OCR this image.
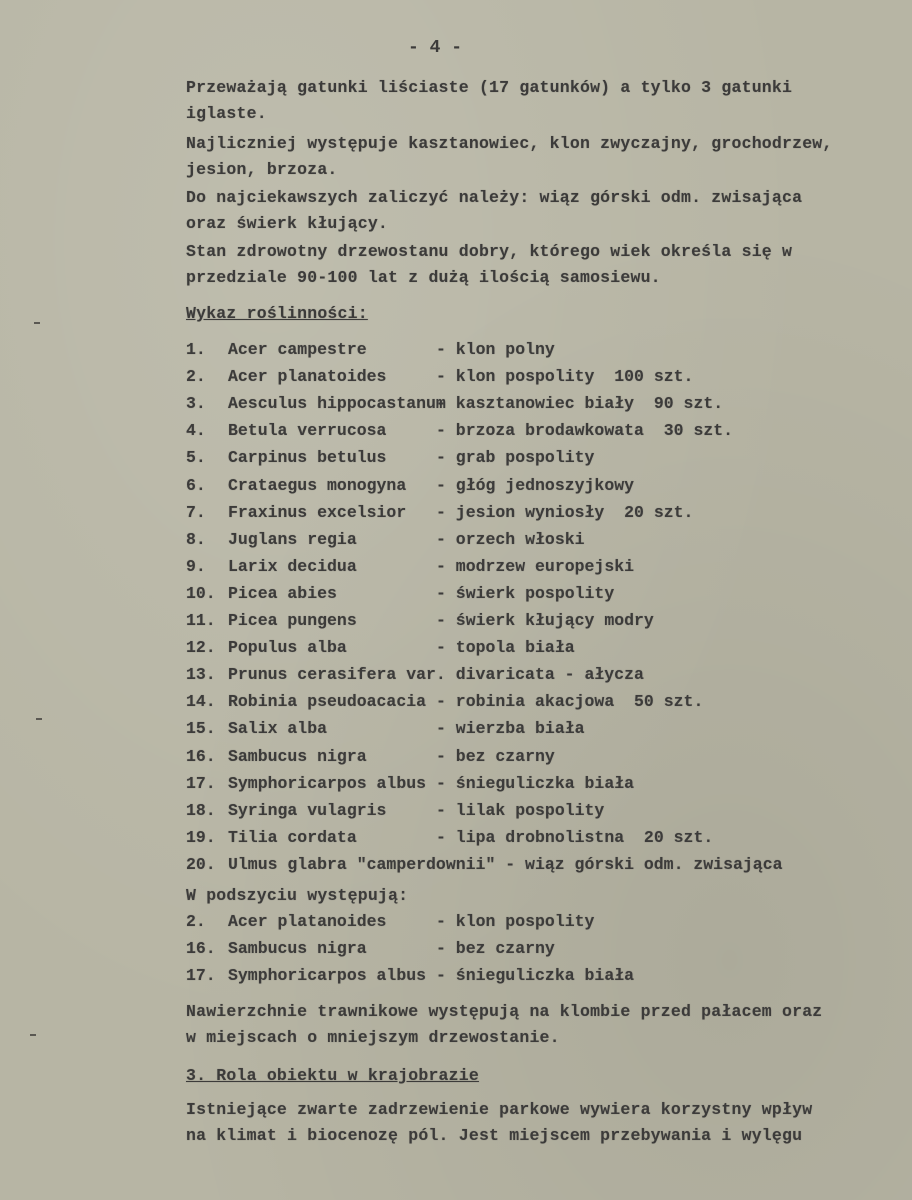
- 4 -
Przeważają gatunki liściaste (17 gatunków) a tylko 3 gatunki
iglaste.
Najliczniej występuje kasztanowiec, klon zwyczajny, grochodrzew,
jesion, brzoza.
Do najciekawszych zaliczyć należy: wiąz górski odm. zwisająca
oraz świerk kłujący.
Stan zdrowotny drzewostanu dobry, którego wiek określa się w
przedziale 90-100 lat z dużą ilością samosiewu.
Wykaz roślinności:
1. Acer campestre	- klon polny
2. Acer planatoides	- klon pospolity  100 szt.
3. Aesculus hippocastanum- kasztanowiec biały  90 szt.
4. Betula verrucosa	- brzoza brodawkowata  30 szt.
5. Carpinus betulus	- grab pospolity
6. Crataegus monogyna - głóg jednoszyjkowy
7. Fraxinus excelsior - jesion wyniosły  20 szt.
8. Juglans regia	- orzech włoski
9. Larix decidua	- modrzew europejski
10. Picea abies	- świerk pospolity
11. Picea pungens	- świerk kłujący modry
12. Populus alba	- topola biała
13. Prunus cerasifera var. divaricata - ałycza
14. Robinia pseudoacacia - robinia akacjowa  50 szt.
15. Salix alba	- wierzba biała
16. Sambucus nigra	- bez czarny
17. Symphoricarpos albus - śnieguliczka biała
18. Syringa vulagris	- lilak pospolity
19. Tilia cordata	- lipa drobnolistna  20 szt.
20. Ulmus glabra "camperdownii" - wiąz górski odm. zwisająca
W podszyciu występują:
2. Acer platanoides	- klon pospolity
16. Sambucus nigra	- bez czarny
17. Symphoricarpos albus - śnieguliczka biała
Nawierzchnie trawnikowe występują na klombie przed pałacem oraz
w miejscach o mniejszym drzewostanie.
3. Rola obiektu w krajobrazie
Istniejące zwarte zadrzewienie parkowe wywiera korzystny wpływ
na klimat i biocenozę pól. Jest miejscem przebywania i wylęgu
